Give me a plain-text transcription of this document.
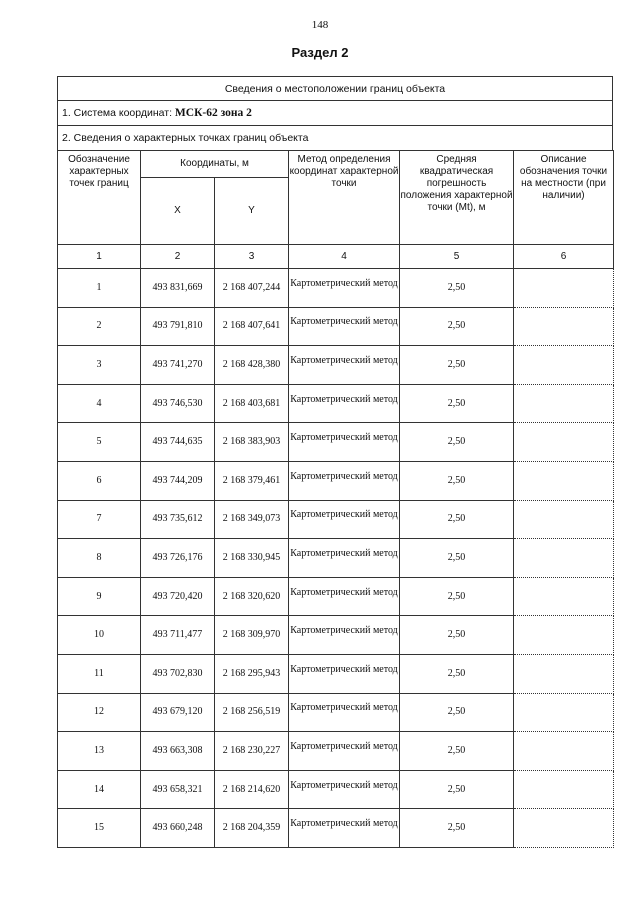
148
Раздел 2
Сведения о местоположении границ объекта
1. Система координат:
МСК-62 зона 2
2. Сведения о характерных точках границ объекта
Обозначение характерных точек границ	Координаты, м		Метод определения координат характерной точки	Средняя квадратическая погрешность положения характерной точки (Mt), м	Описание обозначения точки на местности (при наличии)
	X	Y			
1	2	3	4	5	6
1	493 831,669	2 168 407,244	Картометрический метод	2,50	
2	493 791,810	2 168 407,641	Картометрический метод	2,50	
3	493 741,270	2 168 428,380	Картометрический метод	2,50	
4	493 746,530	2 168 403,681	Картометрический метод	2,50	
5	493 744,635	2 168 383,903	Картометрический метод	2,50	
6	493 744,209	2 168 379,461	Картометрический метод	2,50	
7	493 735,612	2 168 349,073	Картометрический метод	2,50	
8	493 726,176	2 168 330,945	Картометрический метод	2,50	
9	493 720,420	2 168 320,620	Картометрический метод	2,50	
10	493 711,477	2 168 309,970	Картометрический метод	2,50	
11	493 702,830	2 168 295,943	Картометрический метод	2,50	
12	493 679,120	2 168 256,519	Картометрический метод	2,50	
13	493 663,308	2 168 230,227	Картометрический метод	2,50	
14	493 658,321	2 168 214,620	Картометрический метод	2,50	
15	493 660,248	2 168 204,359	Картометрический метод	2,50	
